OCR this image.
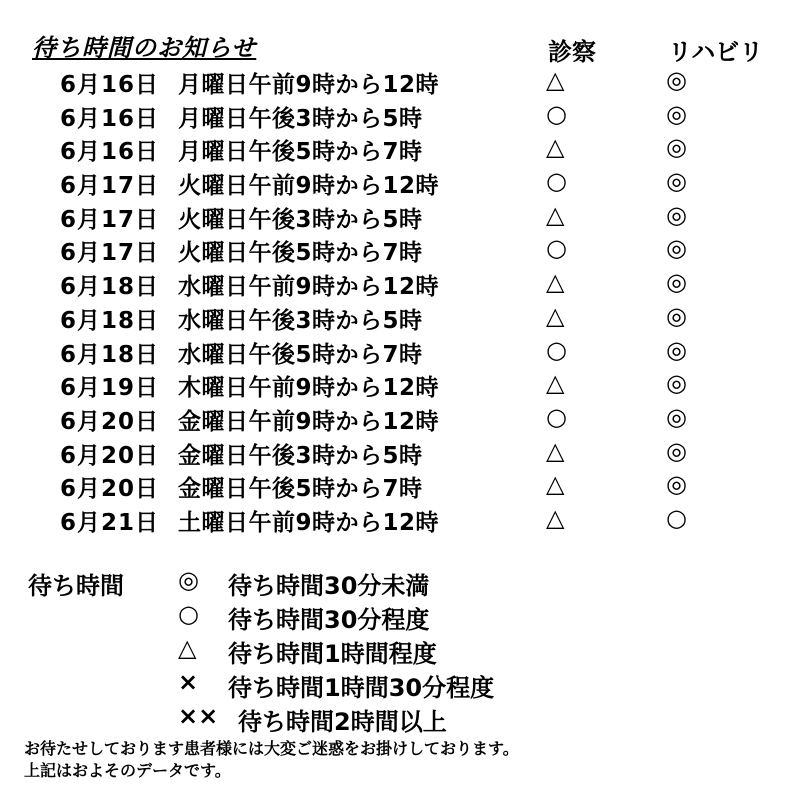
待ち時間のお知らせ	診察	リハビリ
6月16日 月曜日午前9時から12時	△	◎
6月16日 月曜日午後3時から5時	○	◎
6月16日 月曜日午後5時から7時	△	◎
6月17日 火曜日午前9時から12時	○	◎
6月17日 火曜日午後3時から5時	△	◎
6月17日 火曜日午後5時から7時	○	◎
6月18日 水曜日午前9時から12時	△	◎
6月18日 水曜日午後3時から5時	△	◎
6月18日 水曜日午後5時から7時	○	◎
6月19日 木曜日午前9時から12時	△	◎
6月20日 金曜日午前9時から12時	○	◎
6月20日 金曜日午後3時から5時	△	◎
6月20日 金曜日午後5時から7時	△	◎
6月21日 土曜日午前9時から12時	△	○
待ち時間 ◎ 待ち時間30分未満
○ 待ち時間30分程度
△ 待ち時間1時間程度
× 待ち時間1時間30分程度
×× 待ち時間2時間以上
お待たせしております患者様には大変ご迷惑をお掛けしております。
上記はおよそのデータです。
